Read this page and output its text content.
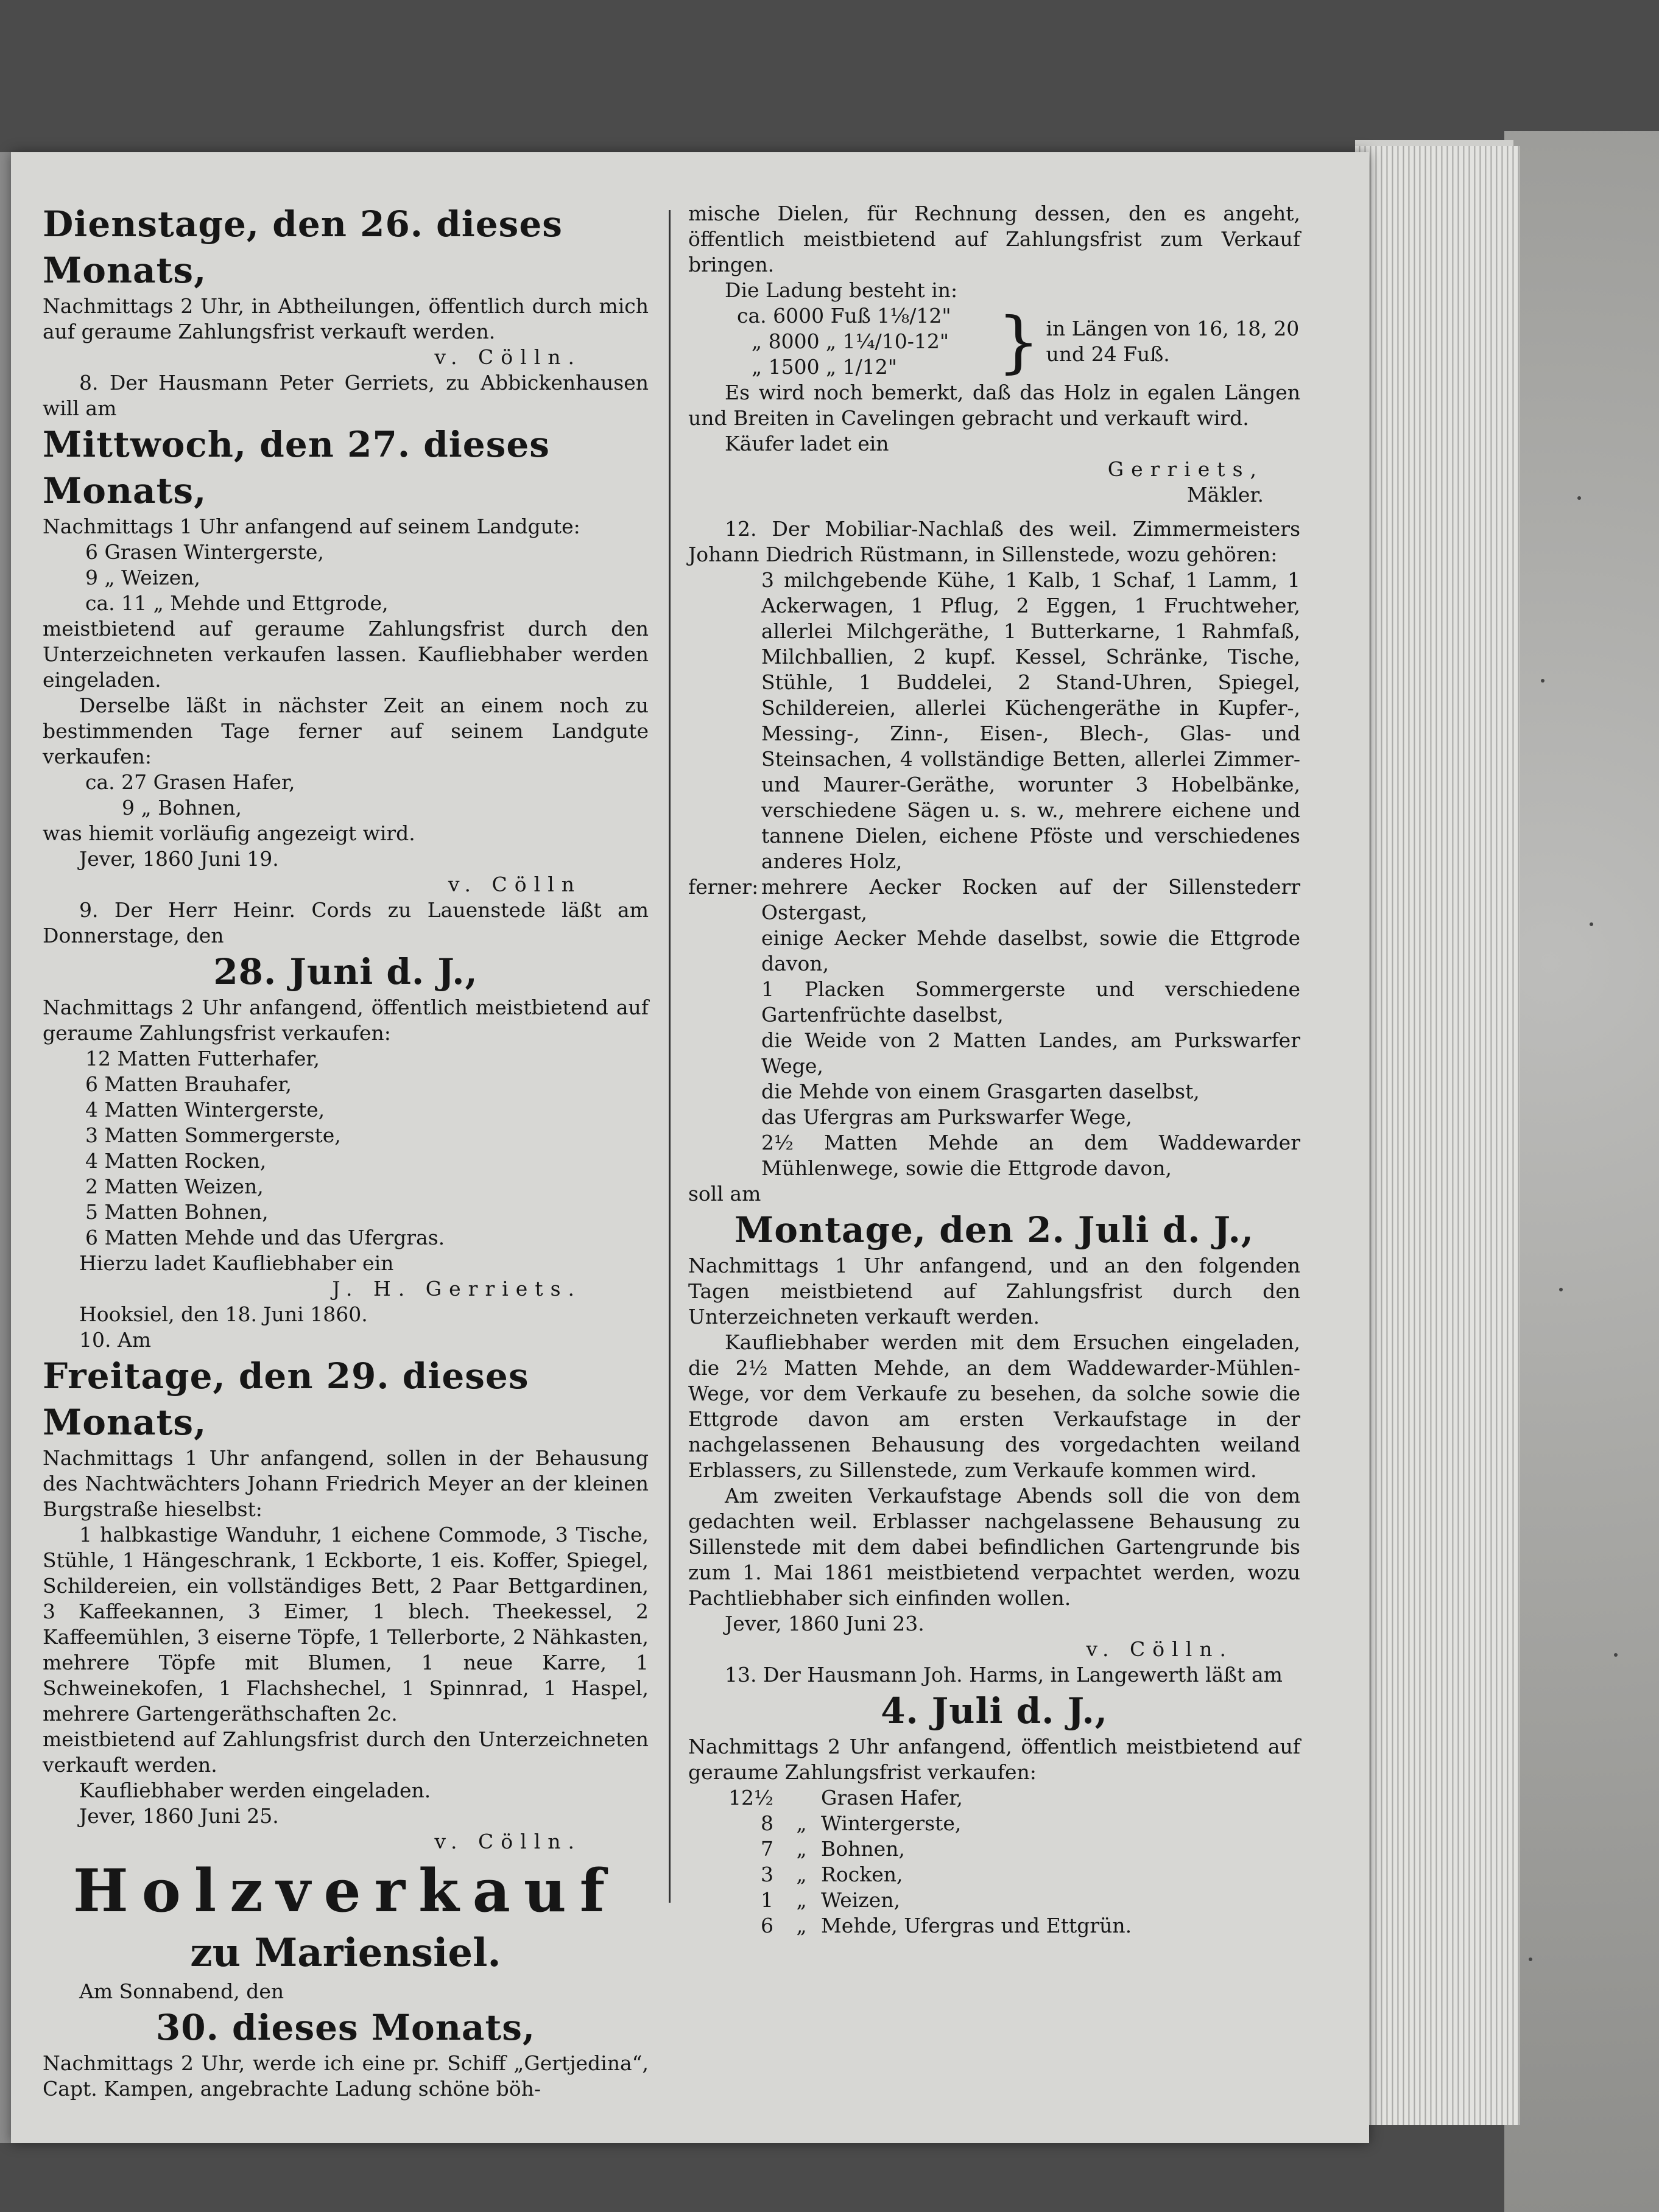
Dienstage, den 26. dieses Monats,

Nachmittags 2 Uhr, in Abtheilungen, öffentlich durch mich auf geraume Zahlungsfrist verkauft werden.

v. Cölln.

8. Der Hausmann Peter Gerriets, zu Abbickenhausen will am

Mittwoch, den 27. dieses Monats,

Nachmittags 1 Uhr anfangend auf seinem Landgute:

6 Grasen Wintergerste,

9 „ Weizen,

ca. 11 „ Mehde und Ettgrode,

meistbietend auf geraume Zahlungsfrist durch den Unterzeichneten verkaufen lassen. Kaufliebhaber werden eingeladen.

Derselbe läßt in nächster Zeit an einem noch zu bestimmenden Tage ferner auf seinem Landgute verkaufen:

ca. 27 Grasen Hafer,

9 „ Bohnen,

was hiemit vorläufig angezeigt wird.

Jever, 1860 Juni 19.

v. Cölln

9. Der Herr Heinr. Cords zu Lauenstede läßt am Donnerstage, den

28. Juni d. J.,

Nachmittags 2 Uhr anfangend, öffentlich meistbietend auf geraume Zahlungsfrist verkaufen:

12 Matten Futterhafer,

6 Matten Brauhafer,

4 Matten Wintergerste,

3 Matten Sommergerste,

4 Matten Rocken,

2 Matten Weizen,

5 Matten Bohnen,

6 Matten Mehde und das Ufergras.

Hierzu ladet Kaufliebhaber ein

J. H. Gerriets.

Hooksiel, den 18. Juni 1860.

10. Am

Freitage, den 29. dieses Monats,

Nachmittags 1 Uhr anfangend, sollen in der Behausung des Nachtwächters Johann Friedrich Meyer an der kleinen Burgstraße hieselbst:

1 halbkastige Wanduhr, 1 eichene Commode, 3 Tische, Stühle, 1 Hängeschrank, 1 Eckborte, 1 eis. Koffer, Spiegel, Schildereien, ein vollständiges Bett, 2 Paar Bettgardinen, 3 Kaffeekannen, 3 Eimer, 1 blech. Theekessel, 2 Kaffeemühlen, 3 eiserne Töpfe, 1 Tellerborte, 2 Nähkasten, mehrere Töpfe mit Blumen, 1 neue Karre, 1 Schweinekofen, 1 Flachshechel, 1 Spinnrad, 1 Haspel, mehrere Gartengeräthschaften 2c.

meistbietend auf Zahlungsfrist durch den Unterzeichneten verkauft werden.

Kaufliebhaber werden eingeladen.

Jever, 1860 Juni 25.

v. Cölln.

Holzverkauf

zu Mariensiel.

Am Sonnabend, den

30. dieses Monats,

Nachmittags 2 Uhr, werde ich eine pr. Schiff „Gertjedina“, Capt. Kampen, angebrachte Ladung schöne böh-

mische Dielen, für Rechnung dessen, den es angeht, öffentlich meistbietend auf Zahlungsfrist zum Verkauf bringen.

Die Ladung besteht in:

ca. 6000 Fuß 1⅛/12"

„ 8000 „ 1¼/10-12"

„ 1500 „ 1/12"	} in Längen von 16, 18, 20 und 24 Fuß.

Es wird noch bemerkt, daß das Holz in egalen Längen und Breiten in Cavelingen gebracht und verkauft wird.

Käufer ladet ein

Gerriets,

Mäkler.

12. Der Mobiliar-Nachlaß des weil. Zimmermeisters Johann Diedrich Rüstmann, in Sillenstede, wozu gehören:

3 milchgebende Kühe, 1 Kalb, 1 Schaf, 1 Lamm, 1 Ackerwagen, 1 Pflug, 2 Eggen, 1 Fruchtweher, allerlei Milchgeräthe, 1 Butterkarne, 1 Rahmfaß, Milchballien, 2 kupf. Kessel, Schränke, Tische, Stühle, 1 Buddelei, 2 Stand-Uhren, Spiegel, Schildereien, allerlei Küchengeräthe in Kupfer-, Messing-, Zinn-, Eisen-, Blech-, Glas- und Steinsachen, 4 vollständige Betten, allerlei Zimmer- und Maurer-Geräthe, worunter 3 Hobelbänke, verschiedene Sägen u. s. w., mehrere eichene und tannene Dielen, eichene Pföste und verschiedenes anderes Holz,

ferner: mehrere Aecker Rocken auf der Sillenstederr Ostergast,

einige Aecker Mehde daselbst, sowie die Ettgrode davon,

1 Placken Sommergerste und verschiedene Gartenfrüchte daselbst,

die Weide von 2 Matten Landes, am Purkswarfer Wege,

die Mehde von einem Grasgarten daselbst,

das Ufergras am Purkswarfer Wege,

2½ Matten Mehde an dem Waddewarder Mühlenwege, sowie die Ettgrode davon,

soll am

Montage, den 2. Juli d. J.,

Nachmittags 1 Uhr anfangend, und an den folgenden Tagen meistbietend auf Zahlungsfrist durch den Unterzeichneten verkauft werden.

Kaufliebhaber werden mit dem Ersuchen eingeladen, die 2½ Matten Mehde, an dem Waddewarder-Mühlen-Wege, vor dem Verkaufe zu besehen, da solche sowie die Ettgrode davon am ersten Verkaufstage in der nachgelassenen Behausung des vorgedachten weiland Erblassers, zu Sillenstede, zum Verkaufe kommen wird.

Am zweiten Verkaufstage Abends soll die von dem gedachten weil. Erblasser nachgelassene Behausung zu Sillenstede mit dem dabei befindlichen Gartengrunde bis zum 1. Mai 1861 meistbietend verpachtet werden, wozu Pachtliebhaber sich einfinden wollen.

Jever, 1860 Juni 23.

v. Cölln.

13. Der Hausmann Joh. Harms, in Langewerth läßt am

4. Juli d. J.,

Nachmittags 2 Uhr anfangend, öffentlich meistbietend auf geraume Zahlungsfrist verkaufen:

12½ Grasen Hafer,

8 „ Wintergerste,

7 „ Bohnen,

3 „ Rocken,

1 „ Weizen,

6 „ Mehde, Ufergras und Ettgrün.
